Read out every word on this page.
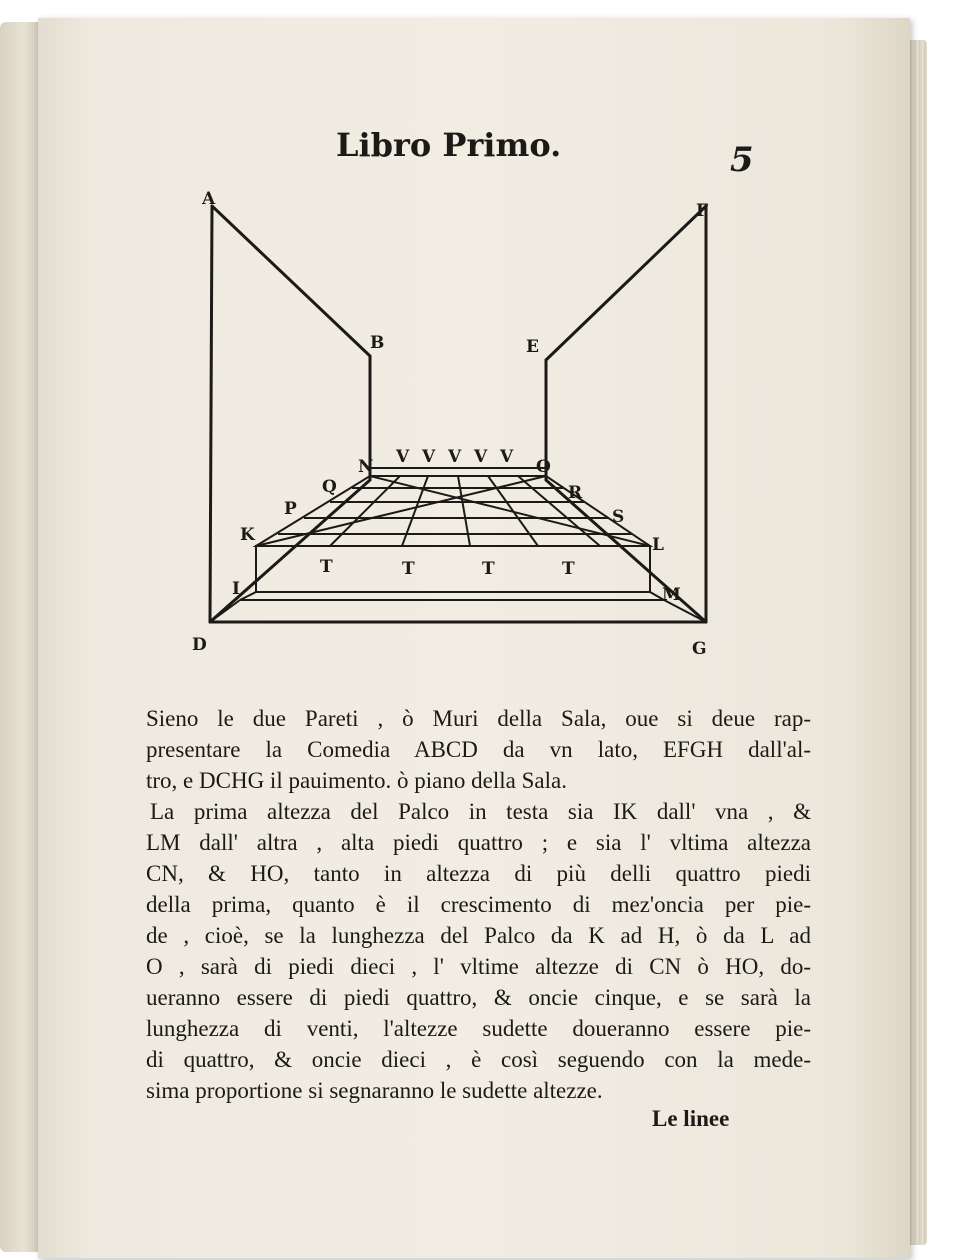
Libro Primo.	5
A
B
D
E
F
G
I
K	L
M
N	O
P
Q	R
S
V V V V V
T	T	T	T
Sieno le due Pareti , ò Muri della Sala, oue si deue rap-
presentare la Comedia ABCD da vn lato, EFGH dall'al-
tro, e DCHG il pauimento. ò piano della Sala.
La prima altezza del Palco in testa sia IK dall' vna , &
LM dall' altra , alta piedi quattro ; e sia l' vltima altezza
CN, & HO, tanto in altezza di più delli quattro piedi
della prima, quanto è il crescimento di mez'oncia per pie-
de , cioè, se la lunghezza del Palco da K ad H, ò da L ad
O , sarà di piedi dieci , l' vltime altezze di CN ò HO, do-
ueranno essere di piedi quattro, & oncie cinque, e se sarà la
lunghezza di venti, l'altezze sudette doueranno essere pie-
di quattro, & oncie dieci , è così seguendo con la mede-
sima proportione si segnaranno le sudette altezze.
Le linee
